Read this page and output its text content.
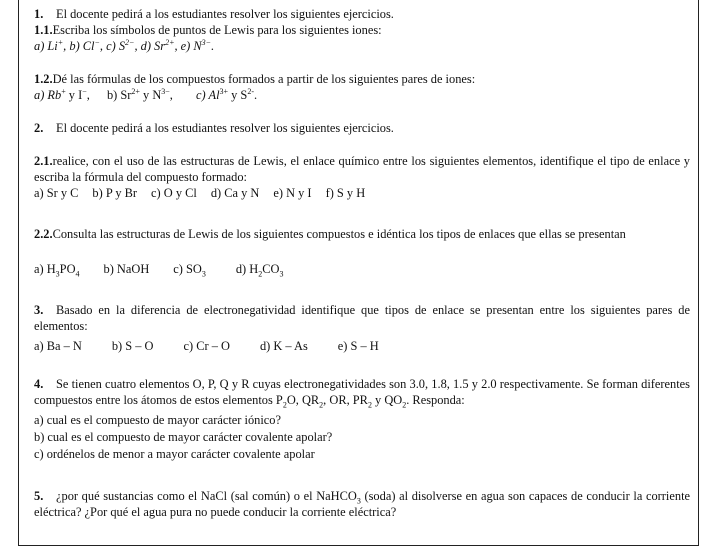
1. El docente pedirá a los estudiantes resolver los siguientes ejercicios.

1.1.Escriba los símbolos de puntos de Lewis para los siguientes iones:

a) Li+, b) Cl−, c) $S^{2-}$, d) $Sr^{2+}$, e) $N^{3-}$.

1.2.Dé las fórmulas de los compuestos formados a partir de los siguientes pares de iones:

a) Rb+ y I−, b) $Sr^{2+}$ y $N^{3-}$, c) $Al^{3+}$ y $S^{2-}$.

2. El docente pedirá a los estudiantes resolver los siguientes ejercicios.

2.1.realice, con el uso de las estructuras de Lewis, el enlace químico entre los siguientes elementos, identifique el tipo de enlace y escriba la fórmula del compuesto formado:

a) Sr y C b) P y Br c) O y Cl d) Ca y N e) N y I f) S y H

2.2.Consulta las estructuras de Lewis de los siguientes compuestos e idéntica los tipos de enlaces que ellas se presentan

a) $H_3PO_4$ b) NaOH c) $SO_3$ d) $H_2CO_3$

3. Basado en la diferencia de electronegatividad identifique que tipos de enlace se presentan entre los siguientes pares de elementos:

a) Ba – N b) S – O c) Cr – O d) K – As e) S – H

4. Se tienen cuatro elementos O, P, Q y R cuyas electronegatividades son 3.0, 1.8, 1.5 y 2.0 respectivamente. Se forman diferentes compuestos entre los átomos de estos elementos $P_2O$, $QR_2$, OR, $PR_2$ y $QO_2$. Responda:

a) cual es el compuesto de mayor carácter iónico?

b) cual es el compuesto de mayor carácter covalente apolar?

c) ordénelos de menor a mayor carácter covalente apolar

5. ¿por qué sustancias como el NaCl (sal común) o el NaHCO$_3$ (soda) al disolverse en agua son capaces de conducir la corriente eléctrica? ¿Por qué el agua pura no puede conducir la corriente eléctrica?
